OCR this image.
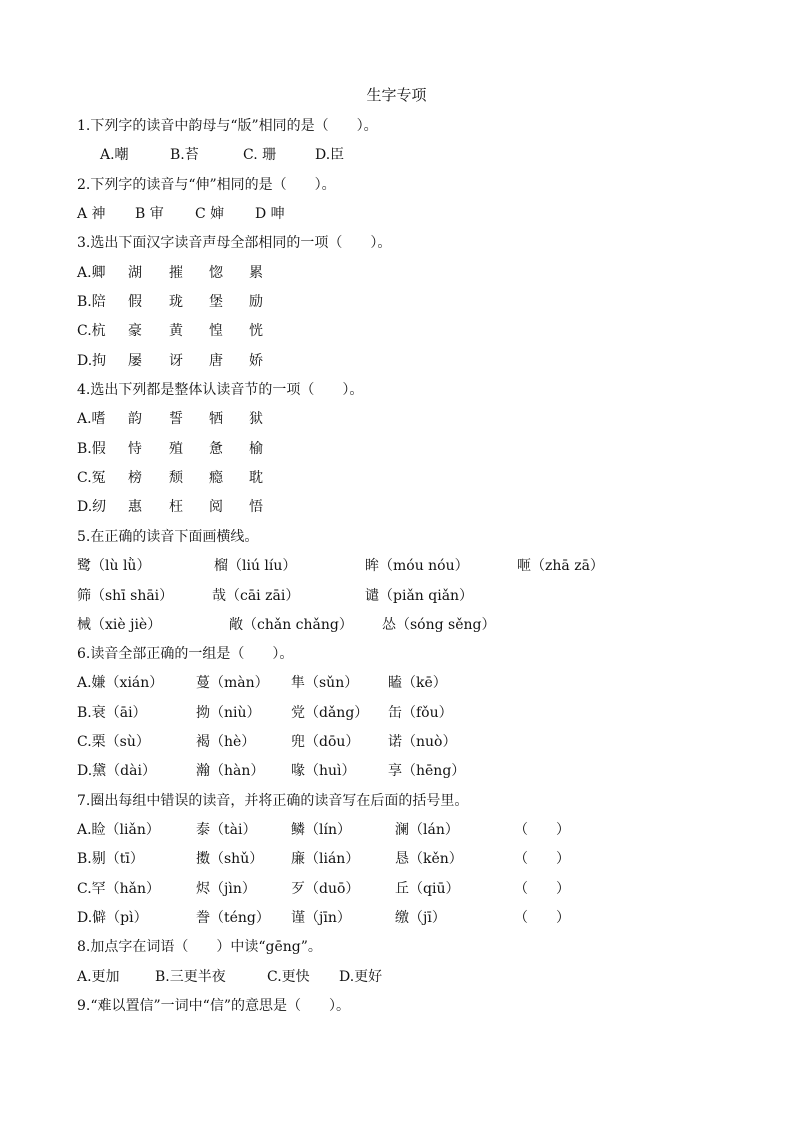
生字专项
1.下列字的读音中韵母与“版”相同的是（　　）。
A.嘲	B.苔	C. 珊	D.臣
2.下列字的读音与“伸”相同的是（　　）。
A 神 B 审 C 婶 D 呻
3.选出下面汉字读音声母全部相同的一项（　　）。
A.卿 湖 摧 惚 累
B.陪 假 珑 堡 励
C.杭 豪 黄 惶 恍
D.拘 屡 讶 唐 娇
4.选出下列都是整体认读音节的一项（　　）。
A.嗜 韵 誓 牺 狱
B.假 恃 殖 惫 榆
C.冤 榜 颓 瘾 耽
D.纫 惠 枉 阅 悟
5.在正确的读音下面画横线。
鹭（lù lǜ）	榴（liú líu）	眸（móu nóu）	咂（zhā zā）
筛（shī shāi）	哉（cāi zāi）	谴（piǎn qiǎn）
械（xiè jiè）	敞（chǎn chǎng） 怂（sóng sěng）
6.读音全部正确的一组是（　　）。
A.嫌（xián） 蔓（màn） 隼（sǔn） 瞌（kē）
B.衰（āi）	拗（niù） 党（dǎng） 缶（fǒu）
C.栗（sù）	褐（hè）	兜（dōu） 诺（nuò）
D.黛（dài）	瀚（hàn） 喙（huì） 享（hēng）
7.圈出每组中错误的读音，并将正确的读音写在后面的括号里。
A.睑（liǎn）	泰（tài） 鳞（lín）	澜（lán）	（　　）
B.剔（tī）	擞（shǔ） 廉（lián）	恳（kěn）	（　　）
C.罕（hǎn）	烬（jìn）	歹（duō）	丘（qiū）	（　　）
D.僻（pì）	誊（téng） 谨（jīn）	缴（jī）	（　　）
8.加点字在词语（　　）中读“gēng”。
A.更加	B.三更半夜	C.更快 D.更好
9.“难以置信”一词中“信”的意思是（　　）。
